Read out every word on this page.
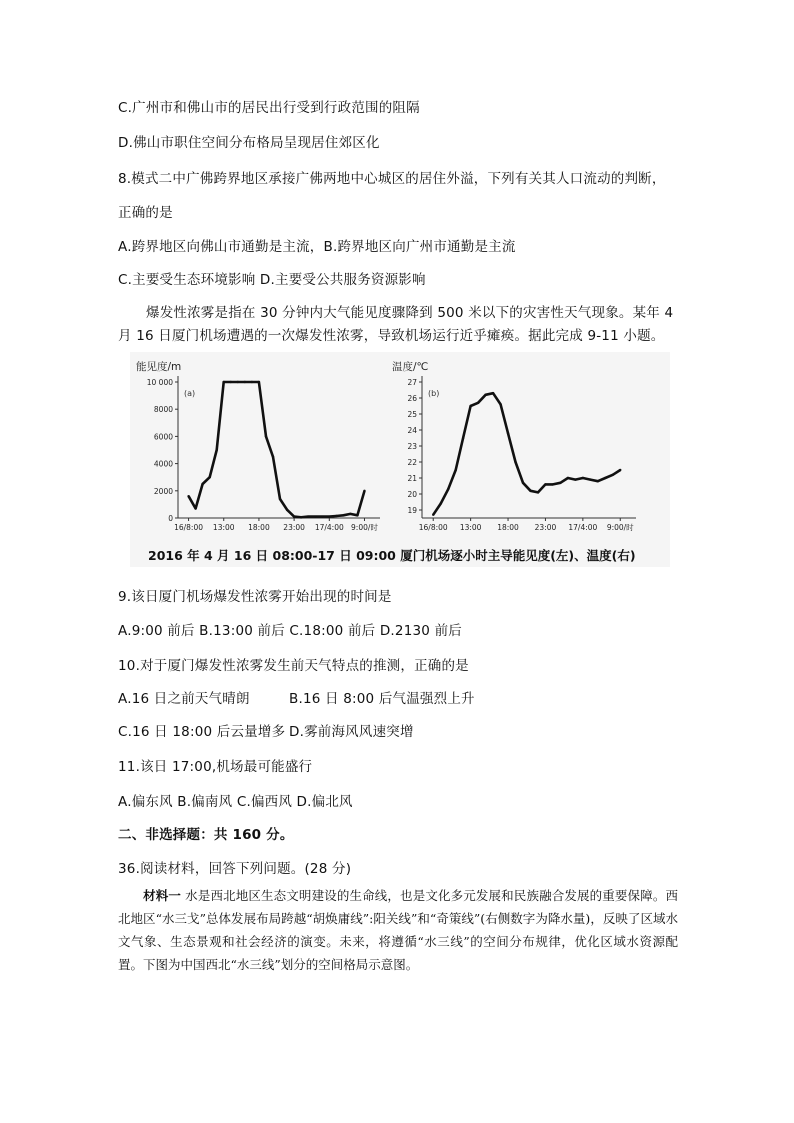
C.广州市和佛山市的居民出行受到行政范围的阻隔
D.佛山市职住空间分布格局呈现居住郊区化
8.模式二中广佛跨界地区承接广佛两地中心城区的居住外溢，下列有关其人口流动的判断，
正确的是
A.跨界地区向佛山市通勤是主流，B.跨界地区向广州市通勤是主流
C.主要受生态环境影响 D.主要受公共服务资源影响
爆发性浓雾是指在 30 分钟内大气能见度骤降到 500 米以下的灾害性天气现象。某年 4
月 16 日厦门机场遭遇的一次爆发性浓雾，导致机场运行近乎瘫痪。据此完成 9-11 小题。
能见度/m
(a)
0
2000
4000
6000
8000
10 000
16/8:00 13:00 18:00 23:00 17/4:00 9:00/时
温度/℃
(b)
19
20
21
22
23
24
25
26
27
16/8:00 13:00 18:00 23:00 17/4:00 9:00/时
2016 年 4 月 16 日 08:00-17 日 09:00 厦门机场逐小时主导能见度(左)、温度(右)
9.该日厦门机场爆发性浓雾开始出现的时间是
A.9:00 前后 B.13:00 前后 C.18:00 前后 D.2130 前后
10.对于厦门爆发性浓雾发生前天气特点的推测，正确的是
A.16 日之前天气晴朗	B.16 日 8:00 后气温强烈上升
C.16 日 18:00 后云量增多 D.雾前海风风速突增
11.该日 17:00,机场最可能盛行
A.偏东风 B.偏南风 C.偏西风 D.偏北风
二、非选择题：共 160 分。
36.阅读材料，回答下列问题。(28 分)
材料一 水是西北地区生态文明建设的生命线，也是文化多元发展和民族融合发展的重要保障。西北地区“水三戈”总体发展布局跨越“胡焕庸线”:阳关线”和“奇策线”(右侧数字为降水量)，反映了区域水文气象、生态景观和社会经济的演变。未来，将遵循“水三线”的空间分布规律，优化区域水资源配置。下图为中国西北“水三线”划分的空间格局示意图。
